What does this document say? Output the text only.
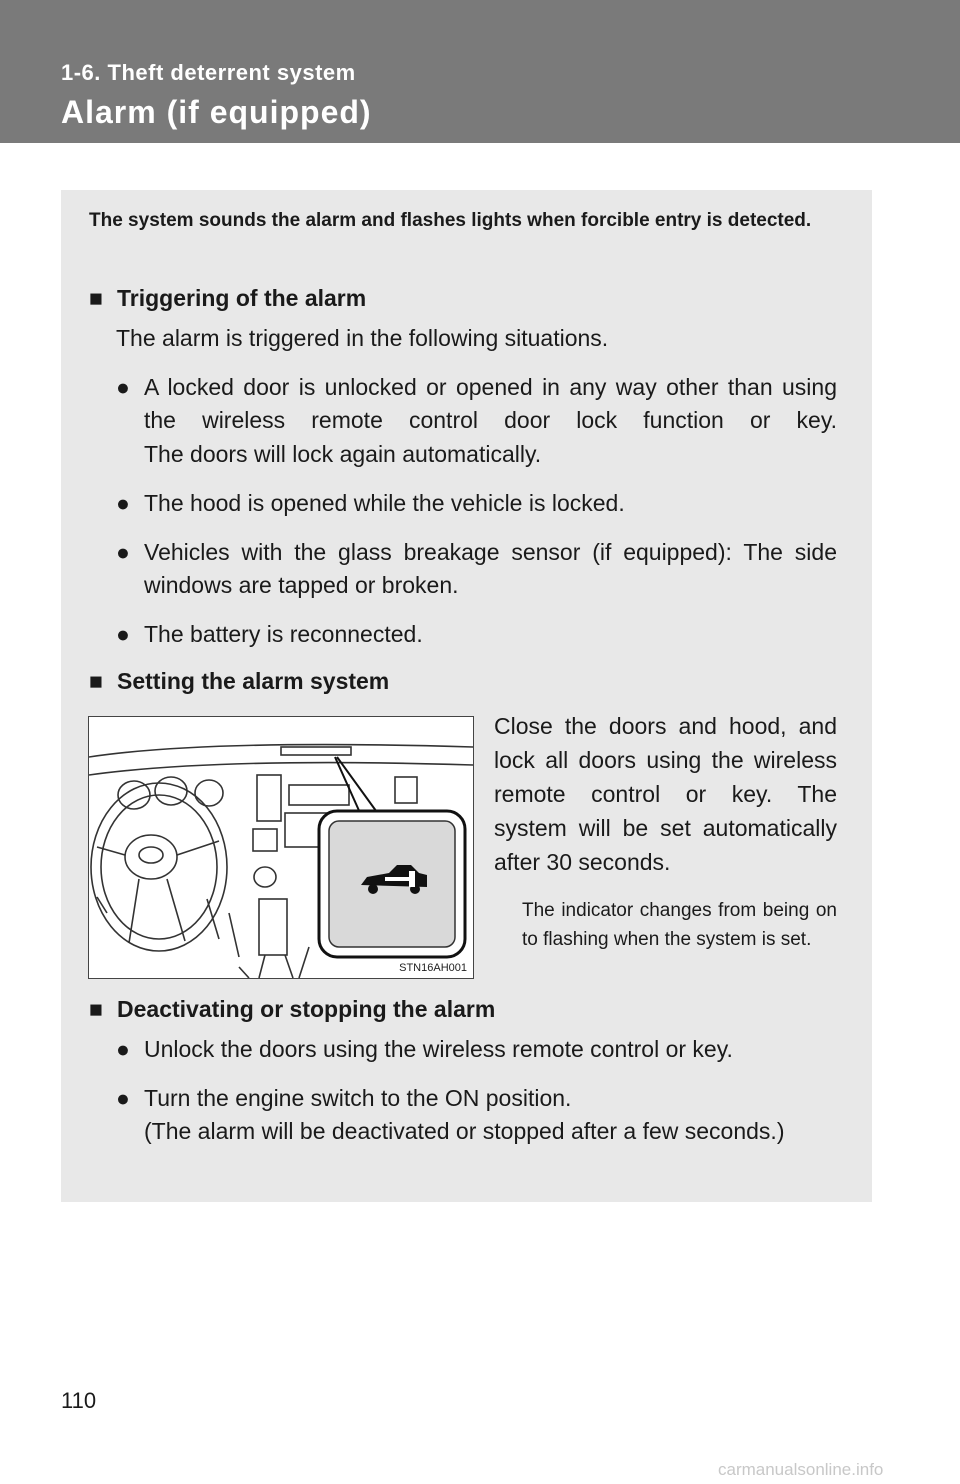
1-6. Theft deterrent system
Alarm (if equipped)
The system sounds the alarm and flashes lights when forcible entry is detected.
■ Triggering of the alarm
The alarm is triggered in the following situations.
● A locked door is unlocked or opened in any way other than using the wireless remote control door lock function or key.
The doors will lock again automatically.
● The hood is opened while the vehicle is locked.
● Vehicles with the glass breakage sensor (if equipped): The side windows are tapped or broken.
● The battery is reconnected.
■ Setting the alarm system
STN16AH001
Close the doors and hood, and lock all doors using the wireless remote control or key. The system will be set automatically after 30 seconds.
The indicator changes from being on to flashing when the system is set.
■ Deactivating or stopping the alarm
● Unlock the doors using the wireless remote control or key.
● Turn the engine switch to the ON position.
(The alarm will be deactivated or stopped after a few seconds.)
110
carmanualsonline.info
